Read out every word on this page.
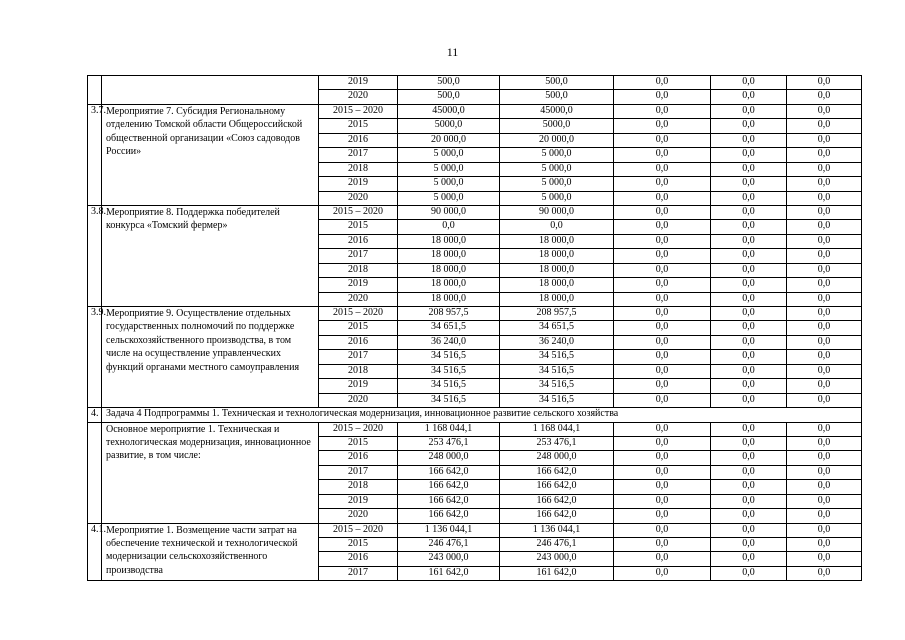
11
		2019	500,0	500,0	0,0	0,0	0,0
		2020	500,0	500,0	0,0	0,0	0,0
3.7.	Мероприятие 7. Субсидия Региональному отделению Томской области Общероссийской общественной организации «Союз садоводов России»	2015 – 2020	45000,0	45000,0	0,0	0,0	0,0
		2015	5000,0	5000,0	0,0	0,0	0,0
		2016	20 000,0	20 000,0	0,0	0,0	0,0
		2017	5 000,0	5 000,0	0,0	0,0	0,0
		2018	5 000,0	5 000,0	0,0	0,0	0,0
		2019	5 000,0	5 000,0	0,0	0,0	0,0
		2020	5 000,0	5 000,0	0,0	0,0	0,0
3.8.	Мероприятие 8. Поддержка победителей конкурса «Томский фермер»	2015 – 2020	90 000,0	90 000,0	0,0	0,0	0,0
		2015	0,0	0,0	0,0	0,0	0,0
		2016	18 000,0	18 000,0	0,0	0,0	0,0
		2017	18 000,0	18 000,0	0,0	0,0	0,0
		2018	18 000,0	18 000,0	0,0	0,0	0,0
		2019	18 000,0	18 000,0	0,0	0,0	0,0
		2020	18 000,0	18 000,0	0,0	0,0	0,0
3.9.	Мероприятие 9. Осуществление отдельных государственных полномочий по поддержке сельскохозяйственного производства, в том числе на осуществление управленческих функций органами местного самоуправления	2015 – 2020	208 957,5	208 957,5	0,0	0,0	0,0
		2015	34 651,5	34 651,5	0,0	0,0	0,0
		2016	36 240,0	36 240,0	0,0	0,0	0,0
		2017	34 516,5	34 516,5	0,0	0,0	0,0
		2018	34 516,5	34 516,5	0,0	0,0	0,0
		2019	34 516,5	34 516,5	0,0	0,0	0,0
		2020	34 516,5	34 516,5	0,0	0,0	0,0
4.	Задача 4 Подпрограммы 1. Техническая и технологическая модернизация, инновационное развитие сельского хозяйства						
	Основное мероприятие 1. Техническая и технологическая модернизация, инновационное развитие, в том числе:	2015 – 2020	1 168 044,1	1 168 044,1	0,0	0,0	0,0
		2015	253 476,1	253 476,1	0,0	0,0	0,0
		2016	248 000,0	248 000,0	0,0	0,0	0,0
		2017	166 642,0	166 642,0	0,0	0,0	0,0
		2018	166 642,0	166 642,0	0,0	0,0	0,0
		2019	166 642,0	166 642,0	0,0	0,0	0,0
		2020	166 642,0	166 642,0	0,0	0,0	0,0
4.1.	Мероприятие 1. Возмещение части затрат на обеспечение технической и технологической модернизации сельскохозяйственного производства	2015 – 2020	1 136 044,1	1 136 044,1	0,0	0,0	0,0
		2015	246 476,1	246 476,1	0,0	0,0	0,0
		2016	243 000,0	243 000,0	0,0	0,0	0,0
		2017	161 642,0	161 642,0	0,0	0,0	0,0
